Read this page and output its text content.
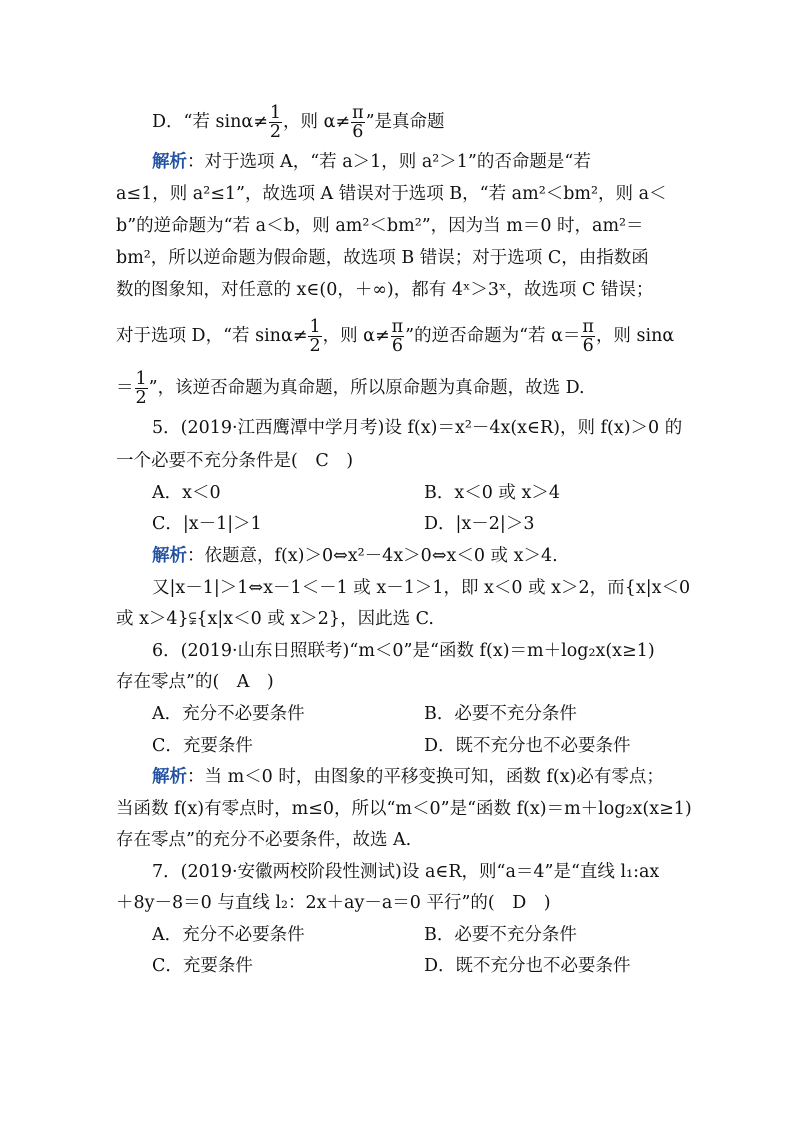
D．“若 $\sin\alpha\ne \frac{1}{2}$ ，则 $\alpha\ne \frac{\pi}{6}$ ”是真命题
解析：对于选项 A，“若 a＞1，则 a²＞1”的否命题是“若
a≤1，则 a²≤1”，故选项 A 错误对于选项 B，“若 am²＜bm²，则 a＜
b”的逆命题为“若 a＜b，则 am²＜bm²”，因为当 m＝0 时，am²＝
bm²，所以逆命题为假命题，故选项 B 错误；对于选项 C，由指数函
数的图象知，对任意的 x∈(0，＋∞)，都有 4ˣ＞3ˣ，故选项 C 错误；
对于选项 D，“若 $\sin\alpha\ne \frac{1}{2}$ ，则 $\alpha\ne \frac{\pi}{6}$ ”的逆否命题为“若 $\alpha= \frac{\pi}{6}$ ，则 sinα
＝ $\frac{1}{2}$ ”，该逆否命题为真命题，所以原命题为真命题，故选 D.
5．(2019·江西鹰潭中学月考)设 f(x)＝x²－4x(x∈R)，则 f(x)＞0 的
一个必要不充分条件是(　C　)
A．x＜0	B．x＜0 或 x＞4
C．|x－1|＞1	D．|x－2|＞3
解析：依题意，f(x)＞0⇔x²－4x＞0⇔x＜0 或 x＞4.
又|x－1|＞1⇔x－1＜－1 或 x－1＞1，即 x＜0 或 x＞2，而{x|x＜0
或 x＞4}⫋{x|x＜0 或 x＞2}，因此选 C.
6．(2019·山东日照联考)“m＜0”是“函数 f(x)＝m＋log₂x(x≥1)
存在零点”的(　A　)
A．充分不必要条件	B．必要不充分条件
C．充要条件	D．既不充分也不必要条件
解析：当 m＜0 时，由图象的平移变换可知，函数 f(x)必有零点；
当函数 f(x)有零点时，m≤0，所以“m＜0”是“函数 f(x)＝m＋log₂x(x≥1)
存在零点”的充分不必要条件，故选 A.
7．(2019·安徽两校阶段性测试)设 a∈R，则“a＝4”是“直线 l₁:ax
＋8y－8＝0 与直线 l₂：2x＋ay－a＝0 平行”的(　D　)
A．充分不必要条件	B．必要不充分条件
C．充要条件	D．既不充分也不必要条件
